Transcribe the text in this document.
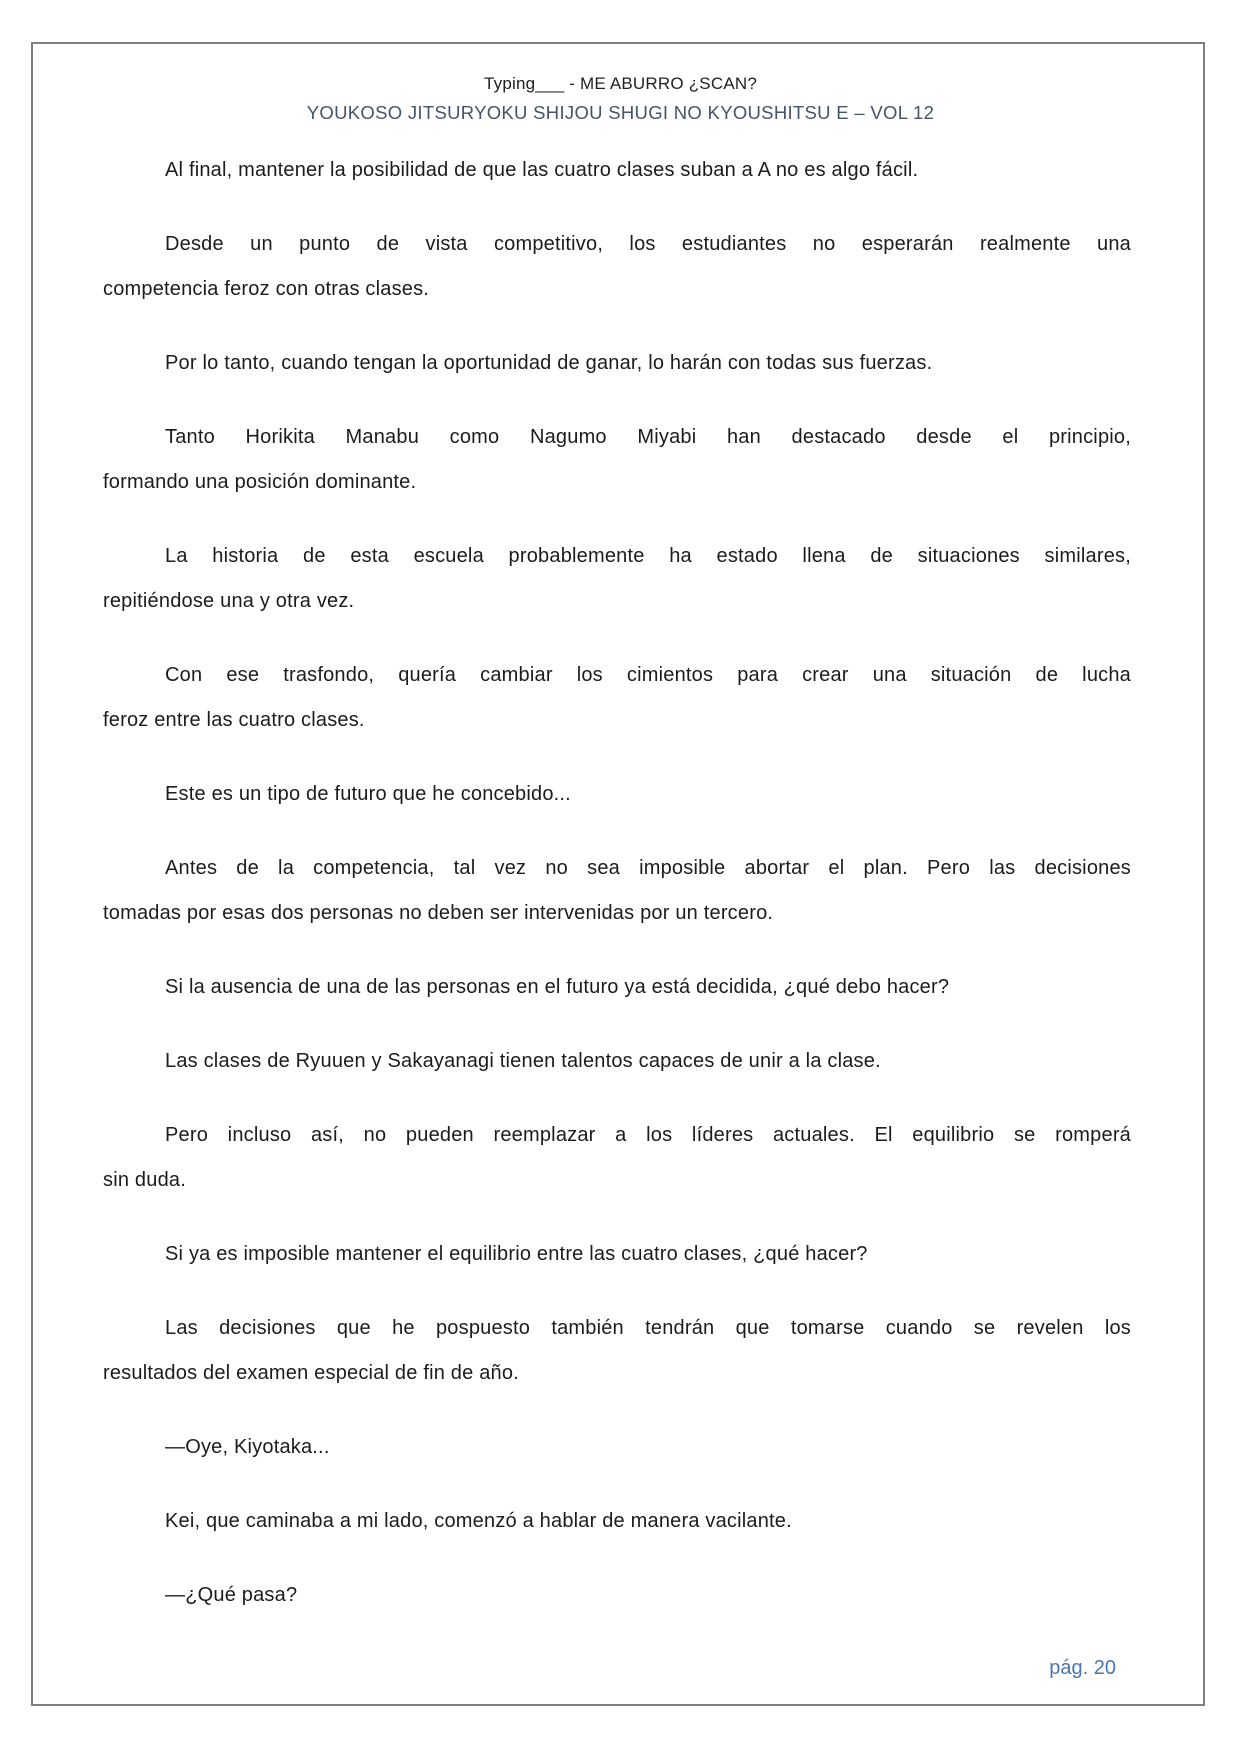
Typing___ - ME ABURRO ¿SCAN?
YOUKOSO JITSURYOKU SHIJOU SHUGI NO KYOUSHITSU E – VOL 12
Al final, mantener la posibilidad de que las cuatro clases suban a A no es algo fácil.
Desde un punto de vista competitivo, los estudiantes no esperarán realmente una
competencia feroz con otras clases.
Por lo tanto, cuando tengan la oportunidad de ganar, lo harán con todas sus fuerzas.
Tanto Horikita Manabu como Nagumo Miyabi han destacado desde el principio,
formando una posición dominante.
La historia de esta escuela probablemente ha estado llena de situaciones similares,
repitiéndose una y otra vez.
Con ese trasfondo, quería cambiar los cimientos para crear una situación de lucha
feroz entre las cuatro clases.
Este es un tipo de futuro que he concebido...
Antes de la competencia, tal vez no sea imposible abortar el plan. Pero las decisiones
tomadas por esas dos personas no deben ser intervenidas por un tercero.
Si la ausencia de una de las personas en el futuro ya está decidida, ¿qué debo hacer?
Las clases de Ryuuen y Sakayanagi tienen talentos capaces de unir a la clase.
Pero incluso así, no pueden reemplazar a los líderes actuales. El equilibrio se romperá
sin duda.
Si ya es imposible mantener el equilibrio entre las cuatro clases, ¿qué hacer?
Las decisiones que he pospuesto también tendrán que tomarse cuando se revelen los
resultados del examen especial de fin de año.
—Oye, Kiyotaka...
Kei, que caminaba a mi lado, comenzó a hablar de manera vacilante.
—¿Qué pasa?
pág. 20
